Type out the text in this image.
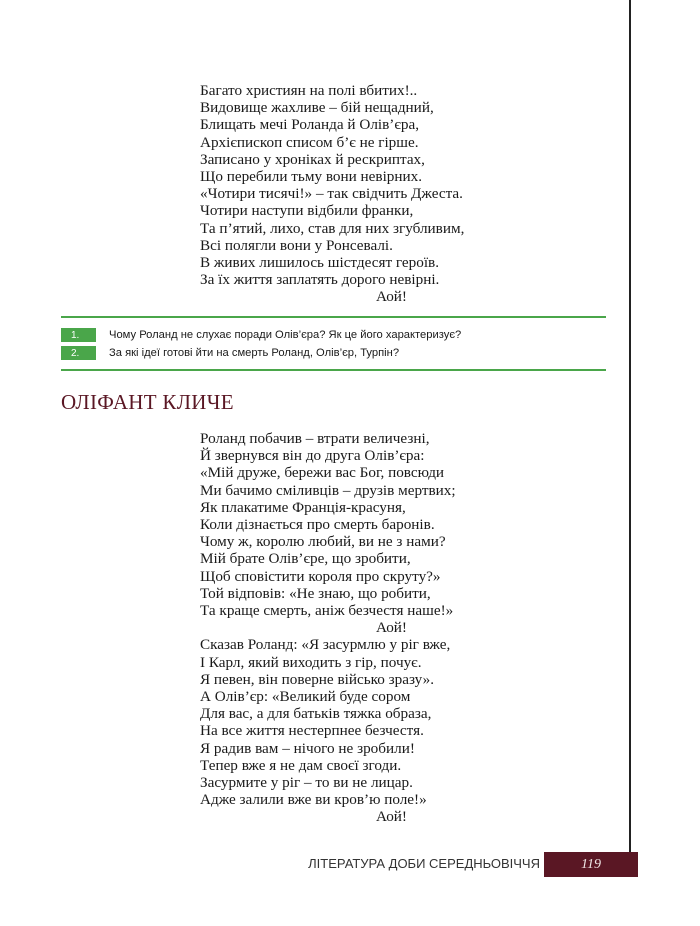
Багато християн на полі вбитих!..
Видовище жахливе – бій нещадний,
Блищать мечі Роланда й Олів’єра,
Архієпископ списом б’є не гірше.
Записано у хроніках й рескриптах,
Що перебили тьму вони невірних.
«Чотири тисячі!» – так свідчить Джеста.
Чотири наступи відбили франки,
Та п’ятий, лихо, став для них згубливим,
Всі полягли вони у Ронсевалі.
В живих лишилось шістдесят героїв.
За їх життя заплатять дорого невірні.
Аой!
1.	Чому Роланд не слухає поради Олів’єра? Як це його характеризує?
2.	За які ідеї готові йти на смерть Роланд, Олів’єр, Турпін?
ОЛІФАНТ КЛИЧЕ
Роланд побачив – втрати величезні,
Й звернувся він до друга Олів’єра:
«Мій друже, бережи вас Бог, повсюди
Ми бачимо сміливців – друзів мертвих;
Як плакатиме Франція-красуня,
Коли дізнається про смерть баронів.
Чому ж, королю любий, ви не з нами?
Мій брате Олів’єре, що зробити,
Щоб сповістити короля про скруту?»
Той відповів: «Не знаю, що робити,
Та краще смерть, аніж безчестя наше!»
Аой!
Сказав Роланд: «Я засурмлю у ріг вже,
І Карл, який виходить з гір, почує.
Я певен, він поверне військо зразу».
А Олів’єр: «Великий буде сором
Для вас, а для батьків тяжка образа,
На все життя нестерпнее безчестя.
Я радив вам – нічого не зробили!
Тепер вже я не дам своєї згоди.
Засурмите у ріг – то ви не лицар.
Адже залили вже ви кров’ю поле!»
Аой!
ЛІТЕРАТУРА ДОБИ СЕРЕДНЬОВІЧЧЯ	119
